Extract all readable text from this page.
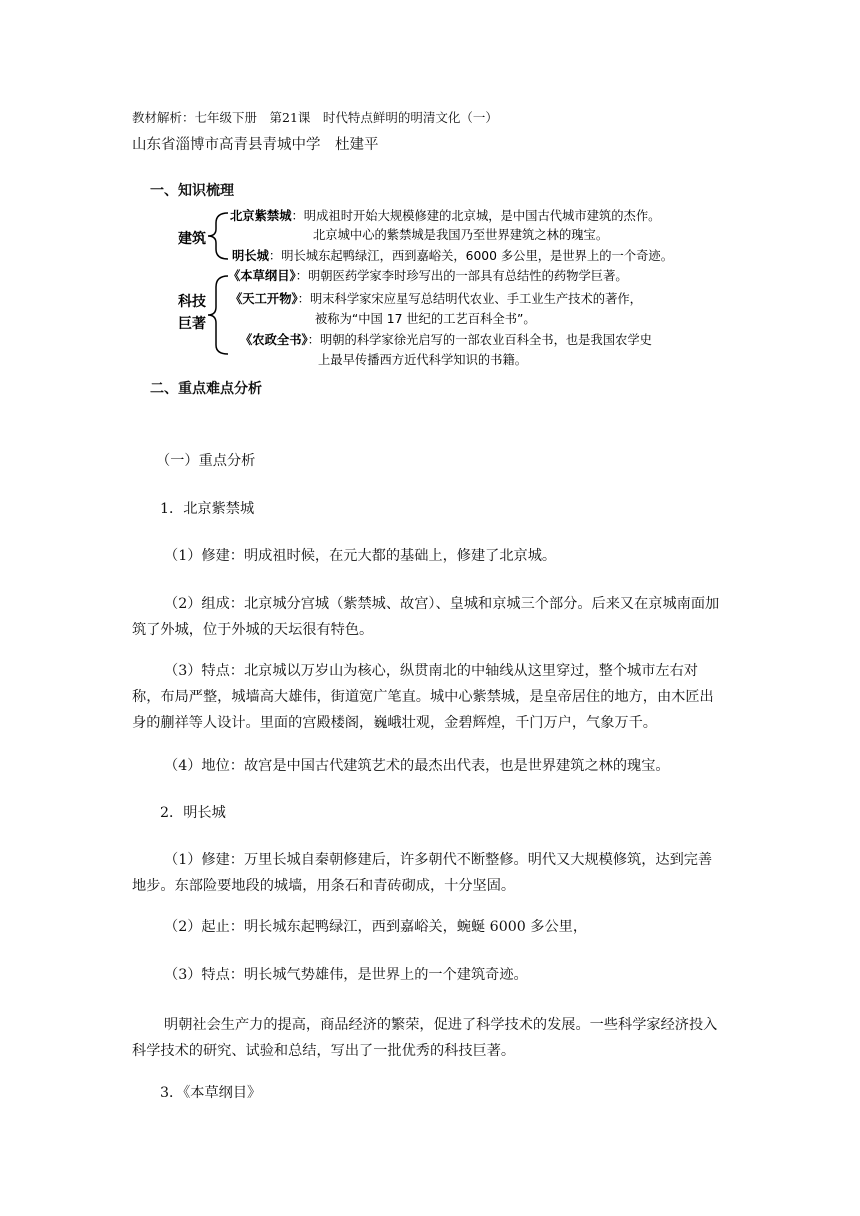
教材解析：七年级下册　第21课　时代特点鲜明的明清文化（一）
山东省淄博市高青县青城中学　杜建平
一、知识梳理
建筑
科技
巨著
北京紫禁城：明成祖时开始大规模修建的北京城，是中国古代城市建筑的杰作。
北京城中心的紫禁城是我国乃至世界建筑之林的瑰宝。
明长城：明长城东起鸭绿江，西到嘉峪关，6000 多公里，是世界上的一个奇迹。
《本草纲目》：明朝医药学家李时珍写出的一部具有总结性的药物学巨著。
《天工开物》：明末科学家宋应星写总结明代农业、手工业生产技术的著作，
被称为“中国 17 世纪的工艺百科全书”。
《农政全书》：明朝的科学家徐光启写的一部农业百科全书，也是我国农学史
上最早传播西方近代科学知识的书籍。
二、重点难点分析
（一）重点分析
1．北京紫禁城
（1）修建：明成祖时候，在元大都的基础上，修建了北京城。
（2）组成：北京城分宫城（紫禁城、故宫）、皇城和京城三个部分。后来又在京城南面加筑了外城，位于外城的天坛很有特色。
（3）特点：北京城以万岁山为核心，纵贯南北的中轴线从这里穿过，整个城市左右对称，布局严整，城墙高大雄伟，街道宽广笔直。城中心紫禁城，是皇帝居住的地方，由木匠出身的蒯祥等人设计。里面的宫殿楼阁，巍峨壮观，金碧辉煌，千门万户，气象万千。
（4）地位：故宫是中国古代建筑艺术的最杰出代表，也是世界建筑之林的瑰宝。
2．明长城
（1）修建：万里长城自秦朝修建后，许多朝代不断整修。明代又大规模修筑，达到完善地步。东部险要地段的城墙，用条石和青砖砌成，十分坚固。
（2）起止：明长城东起鸭绿江，西到嘉峪关，蜿蜒 6000 多公里，
（3）特点：明长城气势雄伟，是世界上的一个建筑奇迹。
明朝社会生产力的提高，商品经济的繁荣，促进了科学技术的发展。一些科学家经济投入科学技术的研究、试验和总结，写出了一批优秀的科技巨著。
3．《本草纲目》
